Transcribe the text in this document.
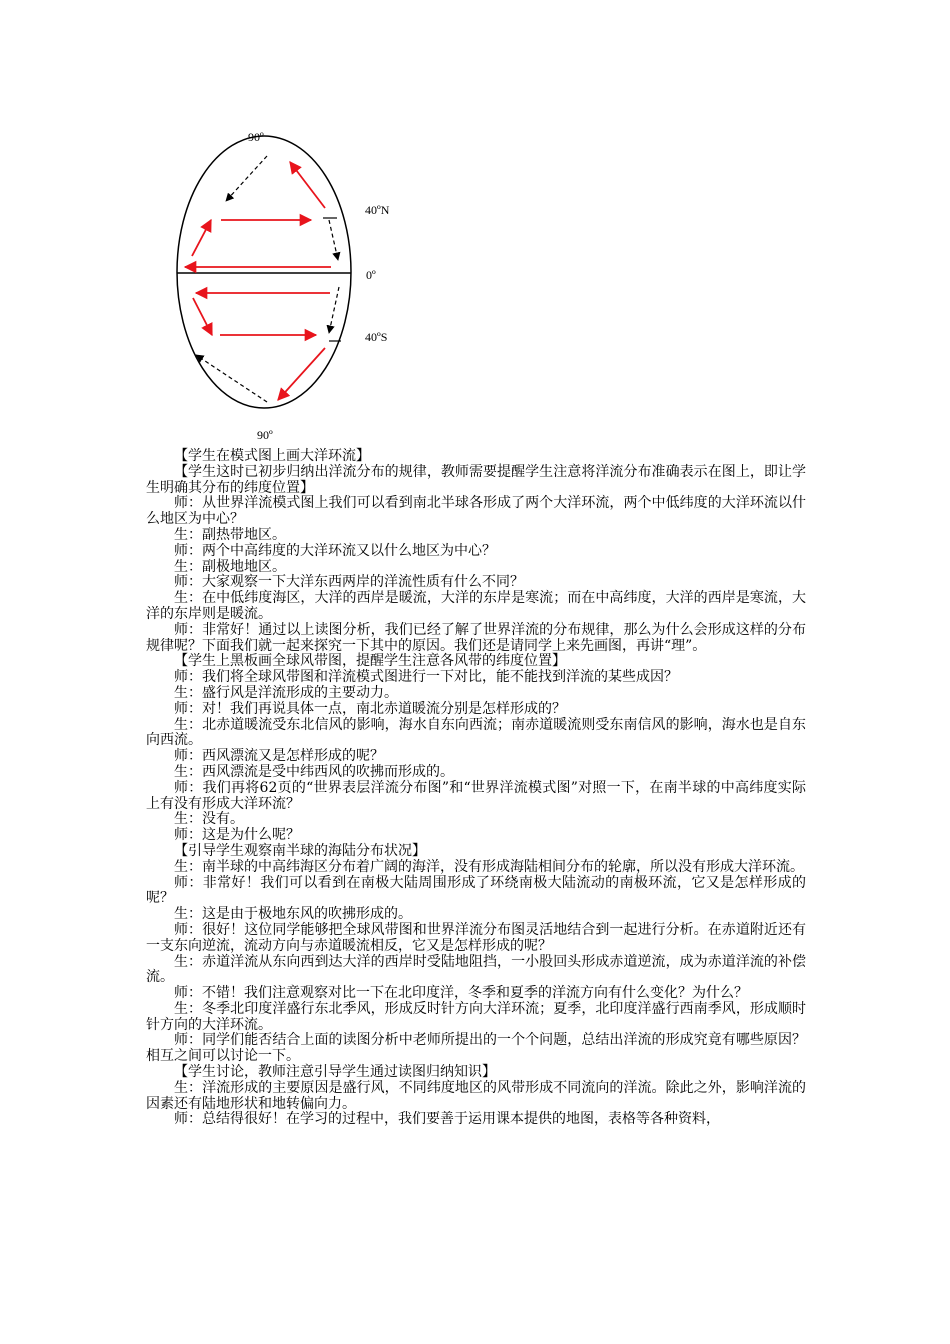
90º
40ºN
0º
40ºS
90º

【学生在模式图上画大洋环流】

【学生这时已初步归纳出洋流分布的规律，教师需要提醒学生注意将洋流分布准确表示在图上，即让学生明确其分布的纬度位置】

师：从世界洋流模式图上我们可以看到南北半球各形成了两个大洋环流，两个中低纬度的大洋环流以什么地区为中心？

生：副热带地区。

师：两个中高纬度的大洋环流又以什么地区为中心？

生：副极地地区。

师：大家观察一下大洋东西两岸的洋流性质有什么不同？

生：在中低纬度海区，大洋的西岸是暖流，大洋的东岸是寒流；而在中高纬度，大洋的西岸是寒流，大洋的东岸则是暖流。

师：非常好！通过以上读图分析，我们已经了解了世界洋流的分布规律，那么为什么会形成这样的分布规律呢？下面我们就一起来探究一下其中的原因。我们还是请同学上来先画图，再讲“理”。

【学生上黑板画全球风带图，提醒学生注意各风带的纬度位置】

师：我们将全球风带图和洋流模式图进行一下对比，能不能找到洋流的某些成因？

生：盛行风是洋流形成的主要动力。

师：对！我们再说具体一点，南北赤道暖流分别是怎样形成的？

生：北赤道暖流受东北信风的影响，海水自东向西流；南赤道暖流则受东南信风的影响，海水也是自东向西流。

师：西风漂流又是怎样形成的呢？

生：西风漂流是受中纬西风的吹拂而形成的。

师：我们再将62页的“世界表层洋流分布图”和“世界洋流模式图”对照一下，在南半球的中高纬度实际上有没有形成大洋环流？

生：没有。

师：这是为什么呢？

【引导学生观察南半球的海陆分布状况】

生：南半球的中高纬海区分布着广阔的海洋，没有形成海陆相间分布的轮廓，所以没有形成大洋环流。

师：非常好！我们可以看到在南极大陆周围形成了环绕南极大陆流动的南极环流，它又是怎样形成的呢？

生：这是由于极地东风的吹拂形成的。

师：很好！这位同学能够把全球风带图和世界洋流分布图灵活地结合到一起进行分析。在赤道附近还有一支东向逆流，流动方向与赤道暖流相反，它又是怎样形成的呢？

生：赤道洋流从东向西到达大洋的西岸时受陆地阻挡，一小股回头形成赤道逆流，成为赤道洋流的补偿流。

师：不错！我们注意观察对比一下在北印度洋，冬季和夏季的洋流方向有什么变化？为什么？

生：冬季北印度洋盛行东北季风，形成反时针方向大洋环流；夏季，北印度洋盛行西南季风，形成顺时针方向的大洋环流。

师：同学们能否结合上面的读图分析中老师所提出的一个个问题，总结出洋流的形成究竟有哪些原因？相互之间可以讨论一下。

【学生讨论，教师注意引导学生通过读图归纳知识】

生：洋流形成的主要原因是盛行风，不同纬度地区的风带形成不同流向的洋流。除此之外，影响洋流的因素还有陆地形状和地转偏向力。

师：总结得很好！在学习的过程中，我们要善于运用课本提供的地图，表格等各种资料，
